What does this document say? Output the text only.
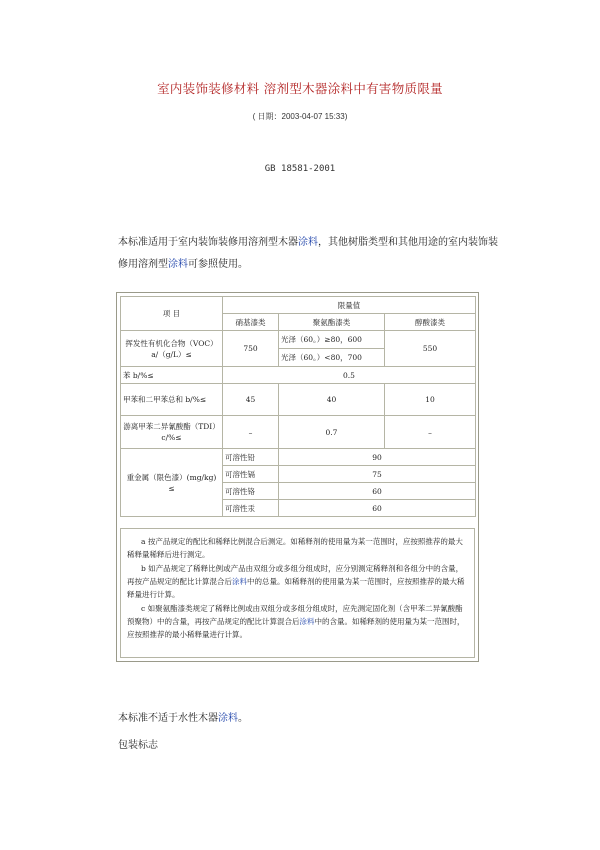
室内装饰装修材料 溶剂型木器涂料中有害物质限量
( 日期：2003-04-07 15:33)
GB 18581-2001
本标准适用于室内装饰装修用溶剂型木器涂料，其他树脂类型和其他用途的室内装饰装修用溶剂型涂料可参照使用。
项 目	限量值		
	硝基漆类	聚氨酯漆类	醇酸漆类
挥发性有机化合物（VOC）a/（g/L）≤	750	光泽（60。）≥80，600	550
		光泽（60。）<80，700	
苯 b/%≤	0.5		
甲苯和二甲苯总和 b/%≤	45	40	10
游离甲苯二异氰酸酯（TDI）c/%≤	–	0.7	–
重金属（限色漆）(mg/kg) ≤	可溶性铅	90	
	可溶性镉	75	
	可溶性铬	60	
	可溶性汞	60	

a 按产品规定的配比和稀释比例混合后测定。如稀释剂的使用量为某一范围时，应按照推荐的最大稀释量稀释后进行测定。

b 如产品规定了稀释比例或产品由双组分或多组分组成时，应分别测定稀释剂和各组分中的含量，再按产品规定的配比计算混合后涂料中的总量。如稀释剂的使用量为某一范围时，应按照推荐的最大稀释量进行计算。

c 如聚氨酯漆类规定了稀释比例或由双组分或多组分组成时，应先测定固化剂（含甲苯二异氰酸酯预聚物）中的含量，再按产品规定的配比计算混合后涂料中的含量。如稀释剂的使用量为某一范围时，应按照推荐的最小稀释量进行计算。

本标准不适于水性木器涂料。
包装标志
